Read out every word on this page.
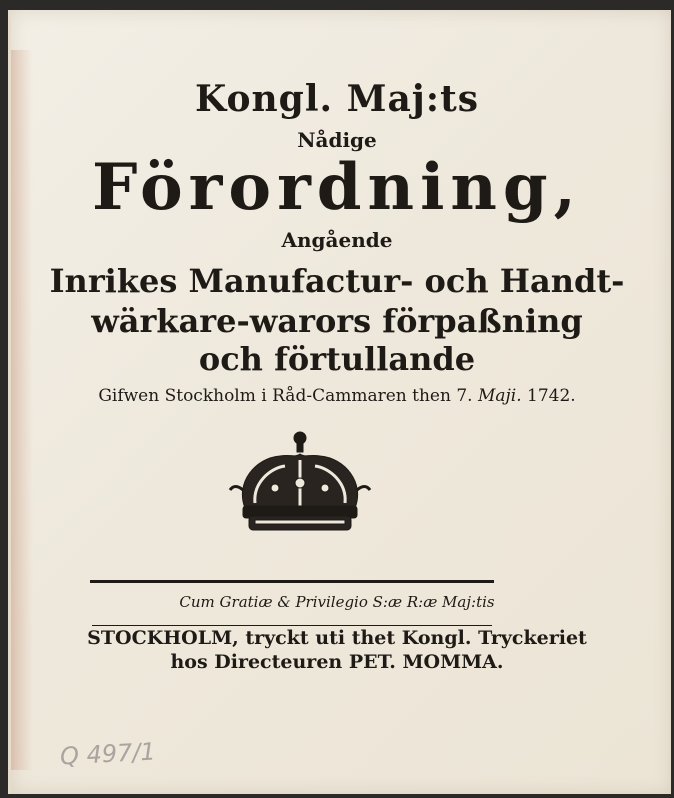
Kongl. Maj:ts
Nådige
Förordning,
Angående
Inrikes Manufactur- och Handt-
wärkare-warors förpaßning
och förtullande
Gifwen Stockholm i Råd-Cammaren then 7. Maji. 1742.
Cum Gratiæ & Privilegio S:æ R:æ Maj:tis
STOCKHOLM, tryckt uti thet Kongl. Tryckeriet
hos Directeuren PET. MOMMA.
Q 497/1
